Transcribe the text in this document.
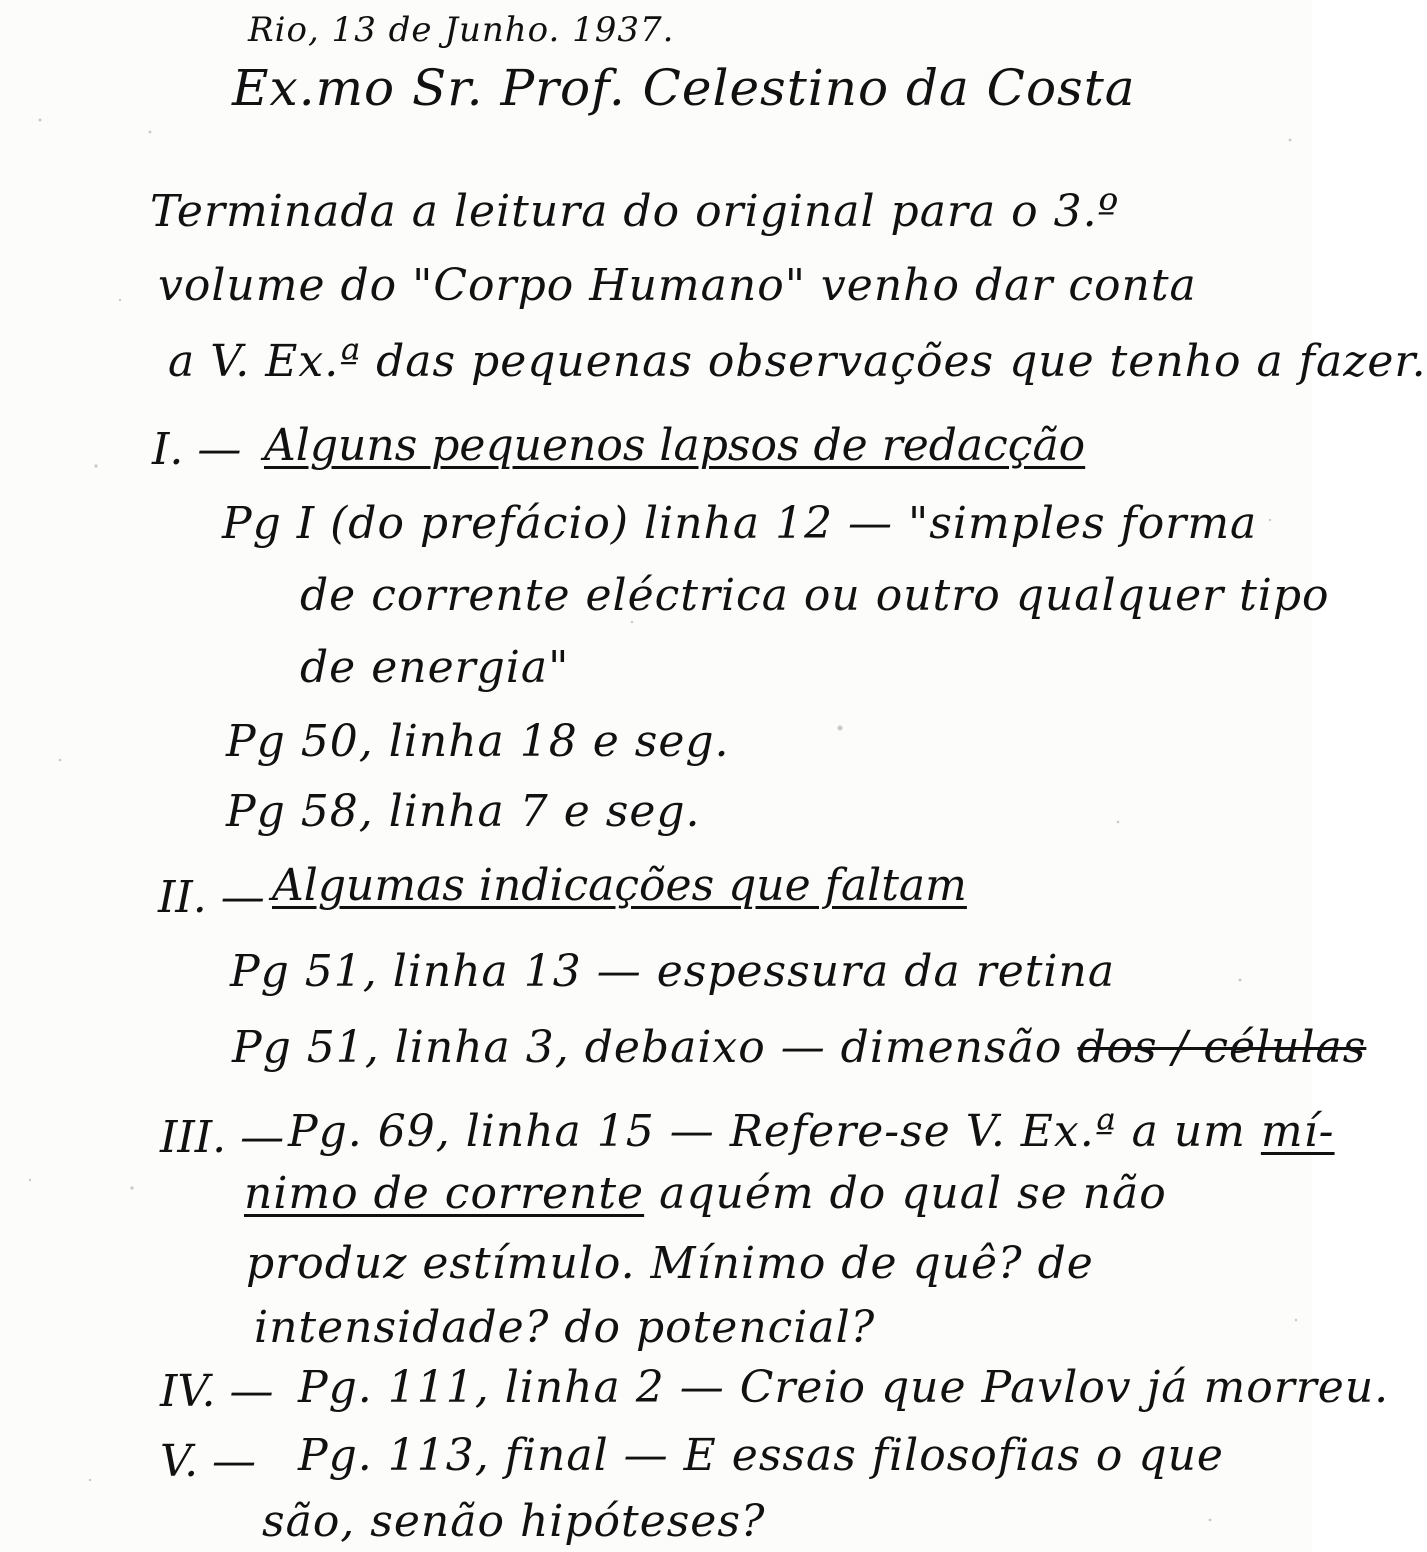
Rio, 13 de Junho. 1937.
Ex.mo Sr. Prof. Celestino da Costa
Terminada a leitura do original para o 3.º
volume do "Corpo Humano" venho dar conta
a V. Ex.ª das pequenas observações que tenho a fazer.
I. — Alguns pequenos lapsos de redacção
Pg I (do prefácio) linha 12 — "simples forma
de corrente eléctrica ou outro qualquer tipo
de energia"
Pg 50, linha 18 e seg.
Pg 58, linha 7 e seg.
II. — Algumas indicações que faltam
Pg 51, linha 13 — espessura da retina
Pg 51, linha 3, debaixo — dimensão dos / células
III. — Pg. 69, linha 15 — Refere-se V. Ex.ª a um mí-
nimo de corrente aquém do qual se não
produz estímulo. Mínimo de quê? de
intensidade? do potencial?
IV. — Pg. 111, linha 2 — Creio que Pavlov já morreu.
V. — Pg. 113, final — E essas filosofias o que
são, senão hipóteses?
